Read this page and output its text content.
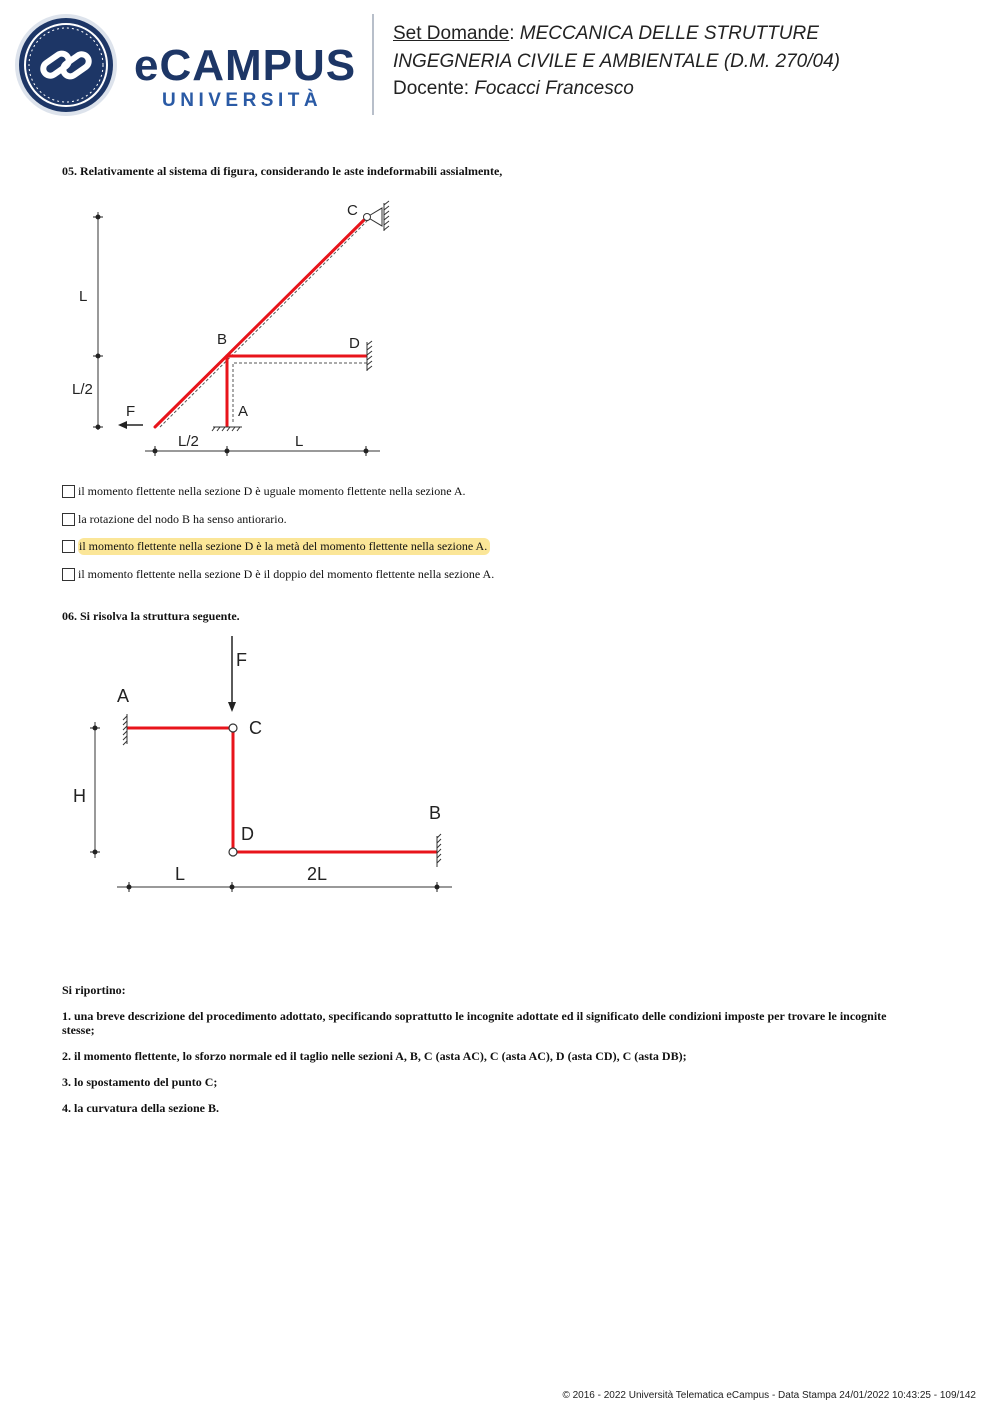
eCAMPUS
UNIVERSITÀ
Set Domande: MECCANICA DELLE STRUTTURE
INGEGNERIA CIVILE E AMBIENTALE (D.M. 270/04)
Docente: Focacci Francesco
05. Relativamente al sistema di figura, considerando le aste indeformabili assialmente,
C
B	D
A
F
L
L/2
L/2	L
il momento flettente nella sezione D è uguale momento flettente nella sezione A.
la rotazione del nodo B ha senso antiorario.
il momento flettente nella sezione D è la metà del momento flettente nella sezione A.
il momento flettente nella sezione D è il doppio del momento flettente nella sezione A.
06. Si risolva la struttura seguente.
F
A
C
H
D
B
L	2L
Si riportino:
1. una breve descrizione del procedimento adottato, specificando soprattutto le incognite adottate ed il significato delle condizioni imposte per trovare le incognite
stesse;
2. il momento flettente, lo sforzo normale ed il taglio nelle sezioni A, B, C (asta AC), C (asta AC), D (asta CD), C (asta DB);
3. lo spostamento del punto C;
4. la curvatura della sezione B.
© 2016 - 2022 Università Telematica eCampus - Data Stampa 24/01/2022 10:43:25 - 109/142
